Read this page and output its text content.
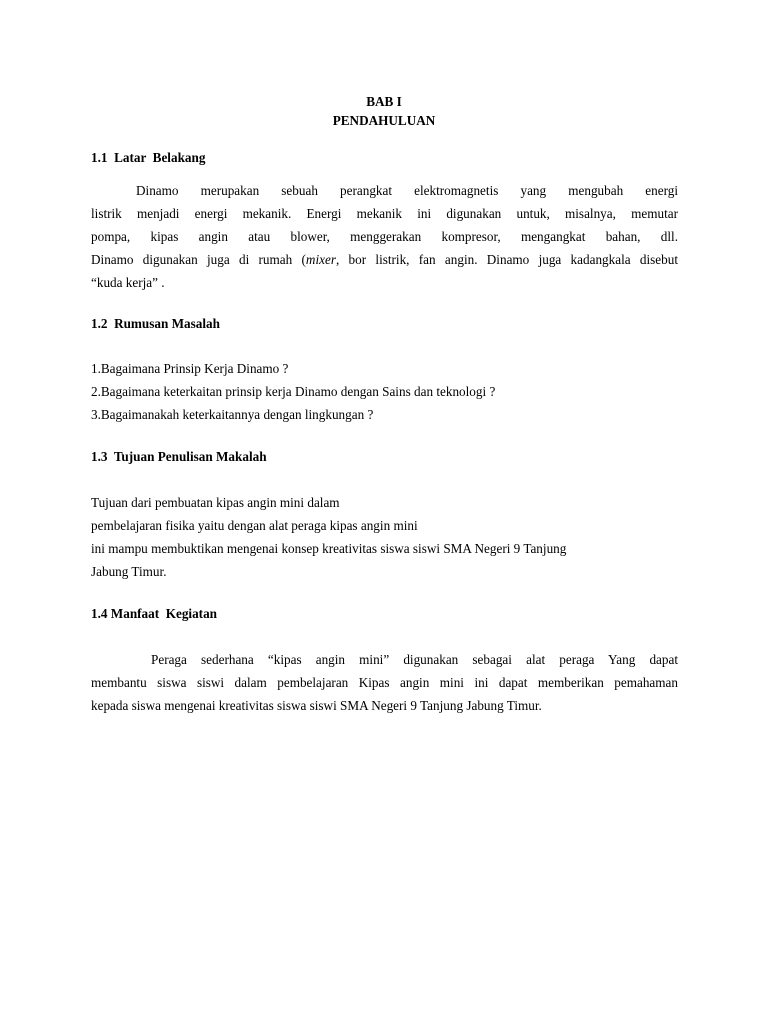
BAB I
PENDAHULUAN
1.1  Latar  Belakang
Dinamo merupakan sebuah perangkat elektromagnetis yang mengubah energi
listrik menjadi energi mekanik. Energi mekanik ini digunakan untuk, misalnya, memutar
pompa, kipas angin atau blower, menggerakan kompresor, mengangkat bahan, dll.
Dinamo digunakan juga di rumah (mixer, bor listrik, fan angin. Dinamo juga kadangkala disebut
“kuda kerja” .
1.2  Rumusan Masalah
1.Bagaimana Prinsip Kerja Dinamo ?
2.Bagaimana keterkaitan prinsip kerja Dinamo dengan Sains dan teknologi ?
3.Bagaimanakah keterkaitannya dengan lingkungan ?
1.3  Tujuan Penulisan Makalah
Tujuan dari pembuatan kipas angin mini dalam
pembelajaran fisika yaitu dengan alat peraga kipas angin mini
ini mampu membuktikan mengenai konsep kreativitas siswa siswi SMA Negeri 9 Tanjung
Jabung Timur.
1.4 Manfaat  Kegiatan
Peraga sederhana “kipas angin mini” digunakan sebagai alat peraga Yang dapat
membantu siswa siswi dalam pembelajaran Kipas angin mini ini dapat memberikan pemahaman
kepada siswa mengenai kreativitas siswa siswi SMA Negeri 9 Tanjung Jabung Timur.
